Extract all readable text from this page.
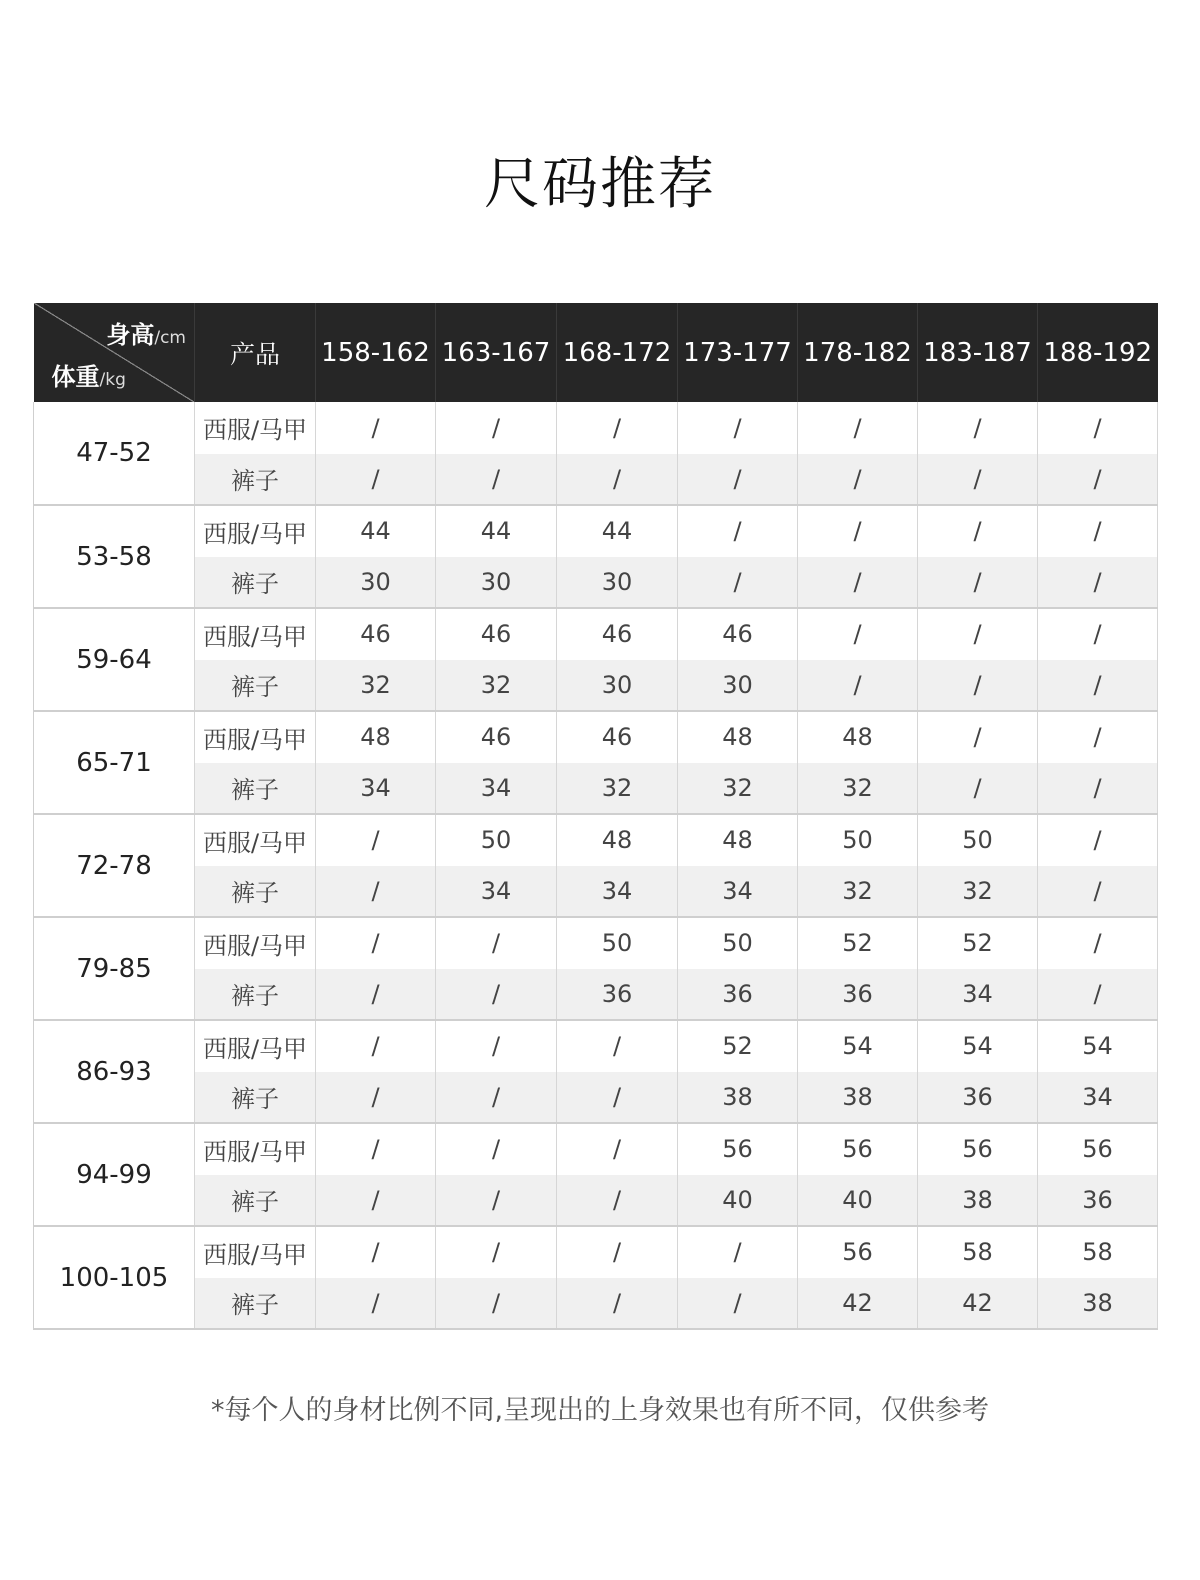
尺码推荐
身高/cm
体重/kg	产品	158-162	163-167	168-172	173-177	178-182	183-187	188-192
47-52	西服/马甲	/	/	/	/	/	/	/
	裤子	/	/	/	/	/	/	/
53-58	西服/马甲	44	44	44	/	/	/	/
	裤子	30	30	30	/	/	/	/
59-64	西服/马甲	46	46	46	46	/	/	/
	裤子	32	32	30	30	/	/	/
65-71	西服/马甲	48	46	46	48	48	/	/
	裤子	34	34	32	32	32	/	/
72-78	西服/马甲	/	50	48	48	50	50	/
	裤子	/	34	34	34	32	32	/
79-85	西服/马甲	/	/	50	50	52	52	/
	裤子	/	/	36	36	36	34	/
86-93	西服/马甲	/	/	/	52	54	54	54
	裤子	/	/	/	38	38	36	34
94-99	西服/马甲	/	/	/	56	56	56	56
	裤子	/	/	/	40	40	38	36
100-105	西服/马甲	/	/	/	/	56	58	58
	裤子	/	/	/	/	42	42	38
*每个人的身材比例不同,呈现出的上身效果也有所不同，仅供参考
